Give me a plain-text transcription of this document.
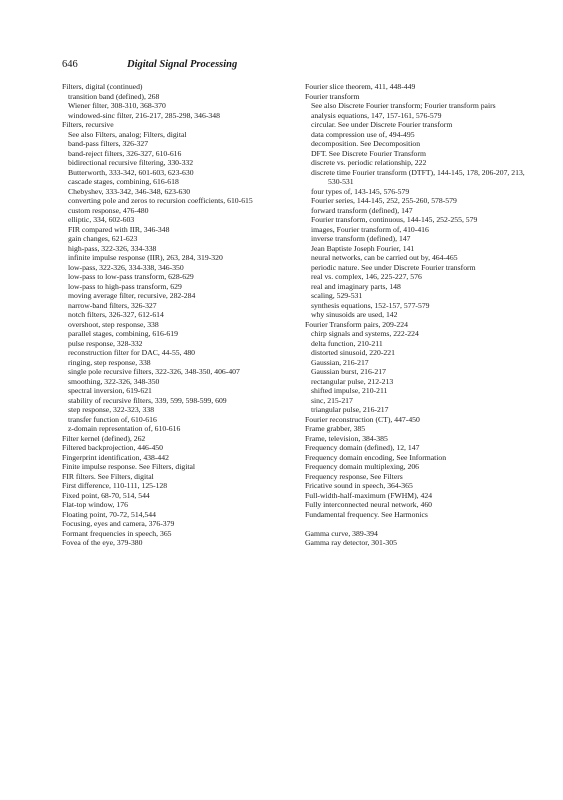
646	Digital Signal Processing
Filters, digital (continued)
transition band (defined), 268
Wiener filter, 308-310, 368-370
windowed-sinc filter, 216-217, 285-298, 346-348
Filters, recursive
See also Filters, analog; Filters, digital
band-pass filters, 326-327
band-reject filters, 326-327, 610-616
bidirectional recursive filtering, 330-332
Butterworth, 333-342, 601-603, 623-630
cascade stages, combining, 616-618
Chebyshev, 333-342, 346-348, 623-630
converting pole and zeros to recursion coefficients, 610-615
custom response, 476-480
elliptic, 334, 602-603
FIR compared with IIR, 346-348
gain changes, 621-623
high-pass, 322-326, 334-338
infinite impulse response (IIR), 263, 284, 319-320
low-pass, 322-326, 334-338, 346-350
low-pass to low-pass transform, 628-629
low-pass to high-pass transform, 629
moving average filter, recursive, 282-284
narrow-band filters, 326-327
notch filters, 326-327, 612-614
overshoot, step response, 338
parallel stages, combining, 616-619
pulse response, 328-332
reconstruction filter for DAC, 44-55, 480
ringing, step response, 338
single pole recursive filters, 322-326, 348-350, 406-407
smoothing, 322-326, 348-350
spectral inversion, 619-621
stability of recursive filters, 339, 599, 598-599, 609
step response, 322-323, 338
transfer function of, 610-616
z-domain representation of, 610-616
Filter kernel (defined), 262
Filtered backprojection, 446-450
Fingerprint identification, 438-442
Finite impulse response. See Filters, digital
FIR filters. See Filters, digital
First difference, 110-111, 125-128
Fixed point, 68-70, 514, 544
Flat-top window, 176
Floating point, 70-72, 514,544
Focusing, eyes and camera, 376-379
Formant frequencies in speech, 365
Fovea of the eye, 379-380
Fourier slice theorem, 411, 448-449
Fourier transform
See also Discrete Fourier transform; Fourier transform pairs
analysis equations, 147, 157-161, 576-579
circular. See under Discrete Fourier transform
data compression use of, 494-495
decomposition. See Decomposition
DFT. See Discrete Fourier Transform
discrete vs. periodic relationship, 222
discrete time Fourier transform (DTFT), 144-145, 178, 206-207, 213, 530-531
four types of, 143-145, 576-579
Fourier series, 144-145, 252, 255-260, 578-579
forward transform (defined), 147
Fourier transform, continuous, 144-145, 252-255, 579
images, Fourier transform of, 410-416
inverse transform (defined), 147
Jean Baptiste Joseph Fourier, 141
neural networks, can be carried out by, 464-465
periodic nature. See under Discrete Fourier transform
real vs. complex, 146, 225-227, 576
real and imaginary parts, 148
scaling, 529-531
synthesis equations, 152-157, 577-579
why sinusoids are used, 142
Fourier Transform pairs, 209-224
chirp signals and systems, 222-224
delta function, 210-211
distorted sinusoid, 220-221
Gaussian, 216-217
Gaussian burst, 216-217
rectangular pulse, 212-213
shifted impulse, 210-211
sinc, 215-217
triangular pulse, 216-217
Fourier reconstruction (CT), 447-450
Frame grabber, 385
Frame, television, 384-385
Frequency domain (defined), 12, 147
Frequency domain encoding, See Information
Frequency domain multiplexing, 206
Frequency response, See Filters
Fricative sound in speech, 364-365
Full-width-half-maximum (FWHM), 424
Fully interconnected neural network, 460
Fundamental frequency. See Harmonics
Gamma curve, 389-394
Gamma ray detector, 301-305
